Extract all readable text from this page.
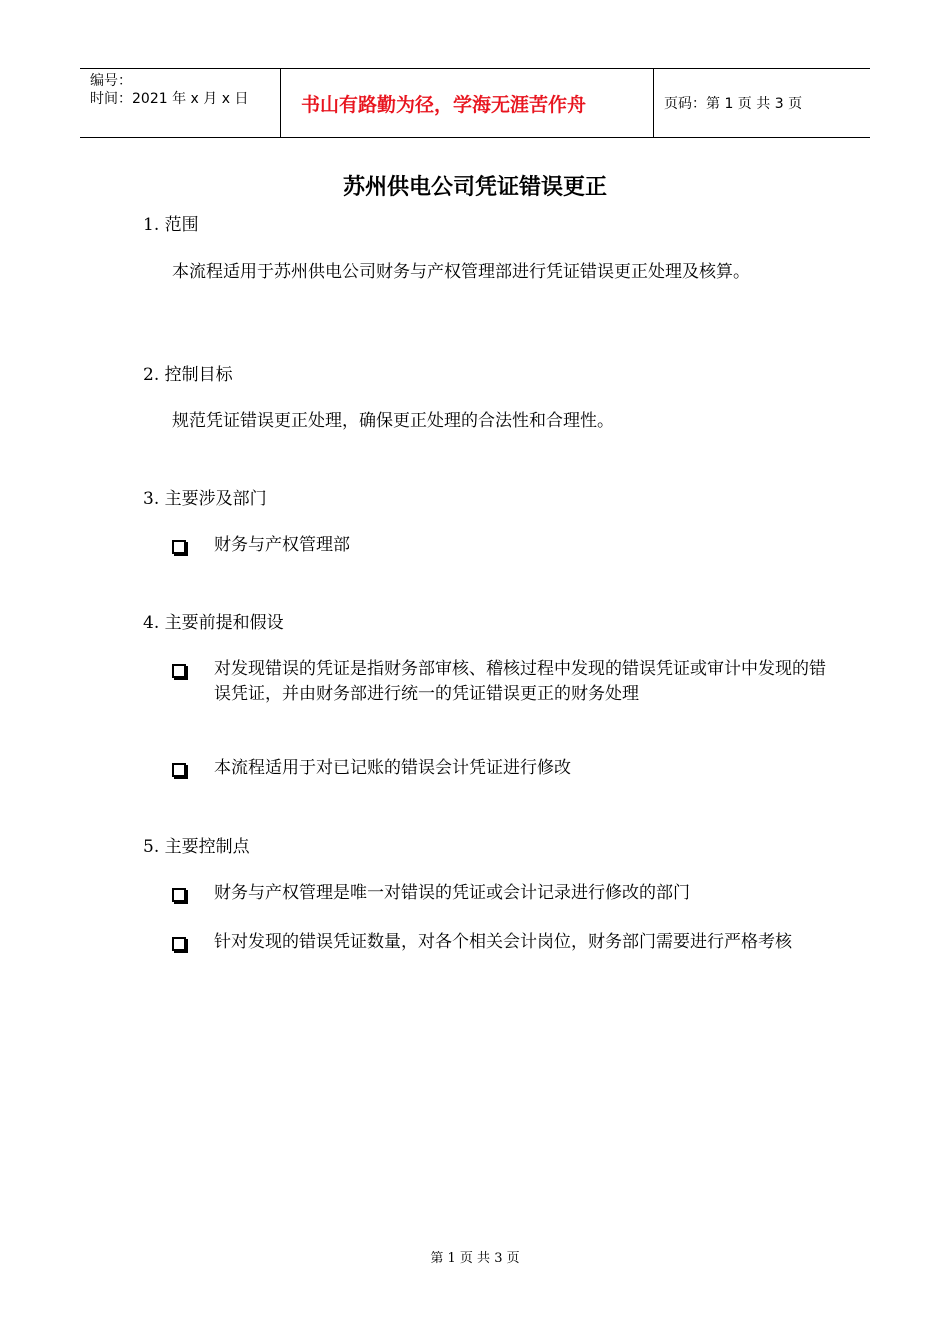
编号：
时间：2021 年 x 月 x 日	书山有路勤为径，学海无涯苦作舟	页码：第 1 页 共 3 页
苏州供电公司凭证错误更正
1. 范围
本流程适用于苏州供电公司财务与产权管理部进行凭证错误更正处理及核算。
2. 控制目标
规范凭证错误更正处理，确保更正处理的合法性和合理性。
3. 主要涉及部门
财务与产权管理部
4. 主要前提和假设
对发现错误的凭证是指财务部审核、稽核过程中发现的错误凭证或审计中发现的错误凭证，并由财务部进行统一的凭证错误更正的财务处理
本流程适用于对已记账的错误会计凭证进行修改
5. 主要控制点
财务与产权管理是唯一对错误的凭证或会计记录进行修改的部门
针对发现的错误凭证数量，对各个相关会计岗位，财务部门需要进行严格考核
第 1 页 共 3 页
